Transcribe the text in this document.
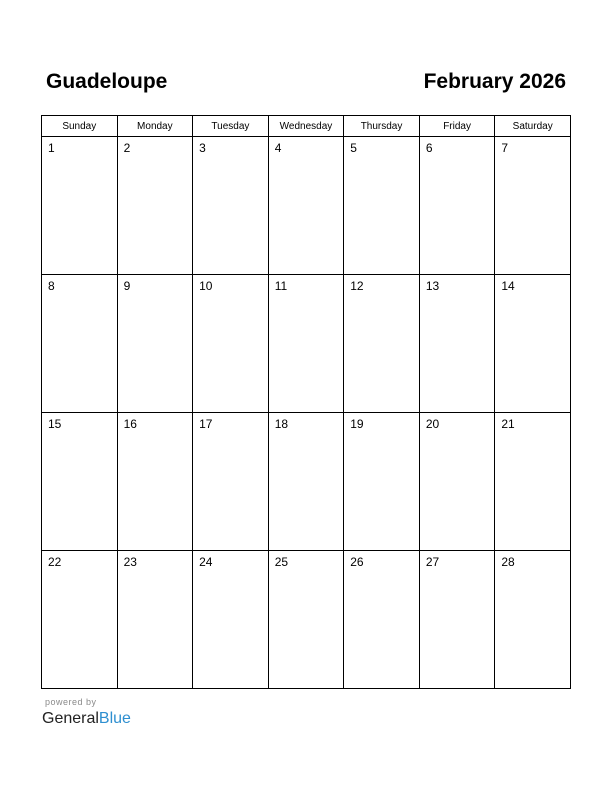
Guadeloupe	February 2026
Sunday	Monday	Tuesday	Wednesday	Thursday	Friday	Saturday

1	2	3	4	5	6	7

8	9	10	11	12	13	14

15	16	17	18	19	20	21

22	23	24	25	26	27	28
powered by
GeneralBlue
